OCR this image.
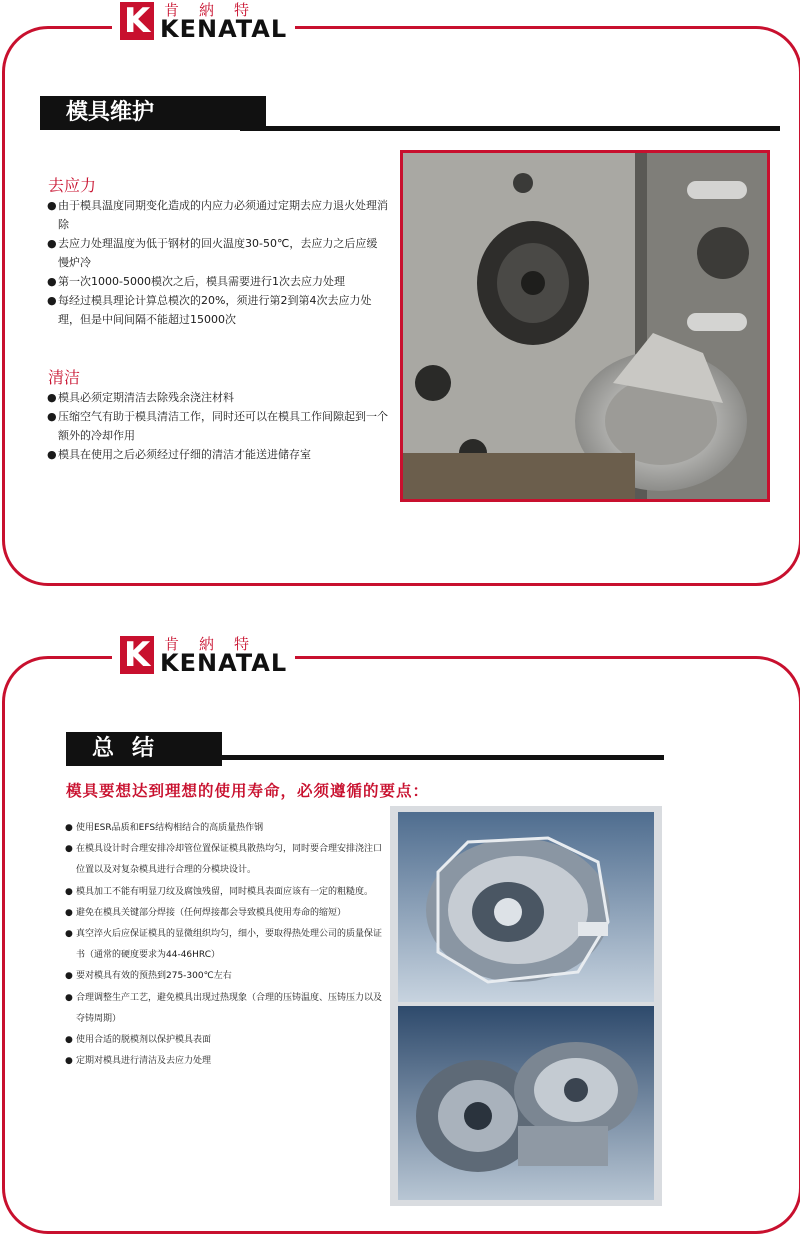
K 肯納特
KENATAL
模具维护
去应力
● 由于模具温度同期变化造成的内应力必须通过定期去应力退火处理消除
● 去应力处理温度为低于钢材的回火温度30-50℃，去应力之后应缓慢炉冷
● 第一次1000-5000模次之后，模具需要进行1次去应力处理
● 每经过模具理论计算总模次的20%，须进行第2到第4次去应力处理，但是中间间隔不能超过15000次
清洁
● 模具必须定期清洁去除残余浇注材料
● 压缩空气有助于模具清洁工作，同时还可以在模具工作间隙起到一个额外的冷却作用
● 模具在使用之后必须经过仔细的清洁才能送进储存室
K 肯納特
KENATAL
总结
模具要想达到理想的使用寿命，必须遵循的要点：
● 使用ESR品质和EFS结构相结合的高质量热作钢
● 在模具设计时合理安排冷却管位置保证模具散热均匀，同时要合理安排浇注口位置以及对复杂模具进行合理的分模块设计。
● 模具加工不能有明显刀纹及腐蚀残留，同时模具表面应该有一定的粗糙度。
● 避免在模具关键部分焊接（任何焊接都会导致模具使用寿命的缩短）
● 真空淬火后应保证模具的显微组织均匀，细小，要取得热处理公司的质量保证书（通常的硬度要求为44-46HRC）
● 要对模具有效的预热到275-300℃左右
● 合理调整生产工艺，避免模具出现过热现象（合理的压铸温度、压铸压力以及夺铸周期）
● 使用合适的脱模剂以保护模具表面
● 定期对模具进行清洁及去应力处理
